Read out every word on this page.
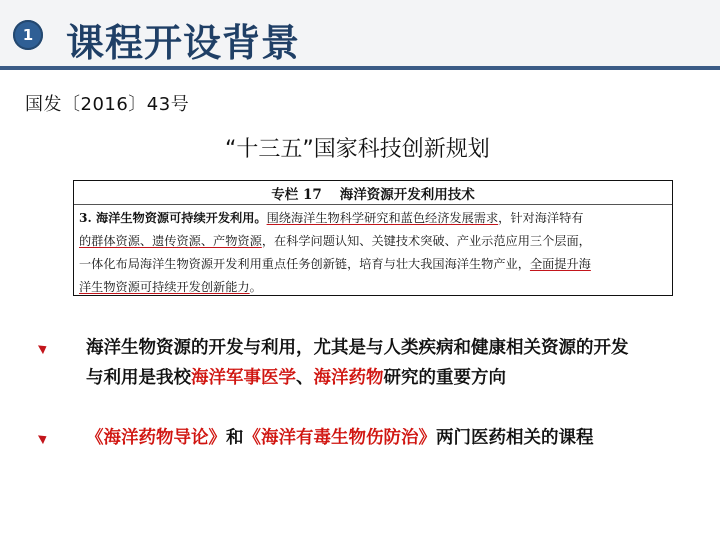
1 课程开设背景
国发〔2016〕43号
“十三五”国家科技创新规划
专栏 17 海洋资源开发利用技术
3. 海洋生物资源可持续开发利用。围绕海洋生物科学研究和蓝色经济发展需求，针对海洋特有
的群体资源、遗传资源、产物资源，在科学问题认知、关键技术突破、产业示范应用三个层面，
一体化布局海洋生物资源开发利用重点任务创新链，培育与壮大我国海洋生物产业，全面提升海
洋生物资源可持续开发创新能力。
海洋生物资源的开发与利用，尤其是与人类疾病和健康相关资源的开发
与利用是我校海洋军事医学、海洋药物研究的重要方向
《海洋药物导论》和《海洋有毒生物伤防治》两门医药相关的课程
